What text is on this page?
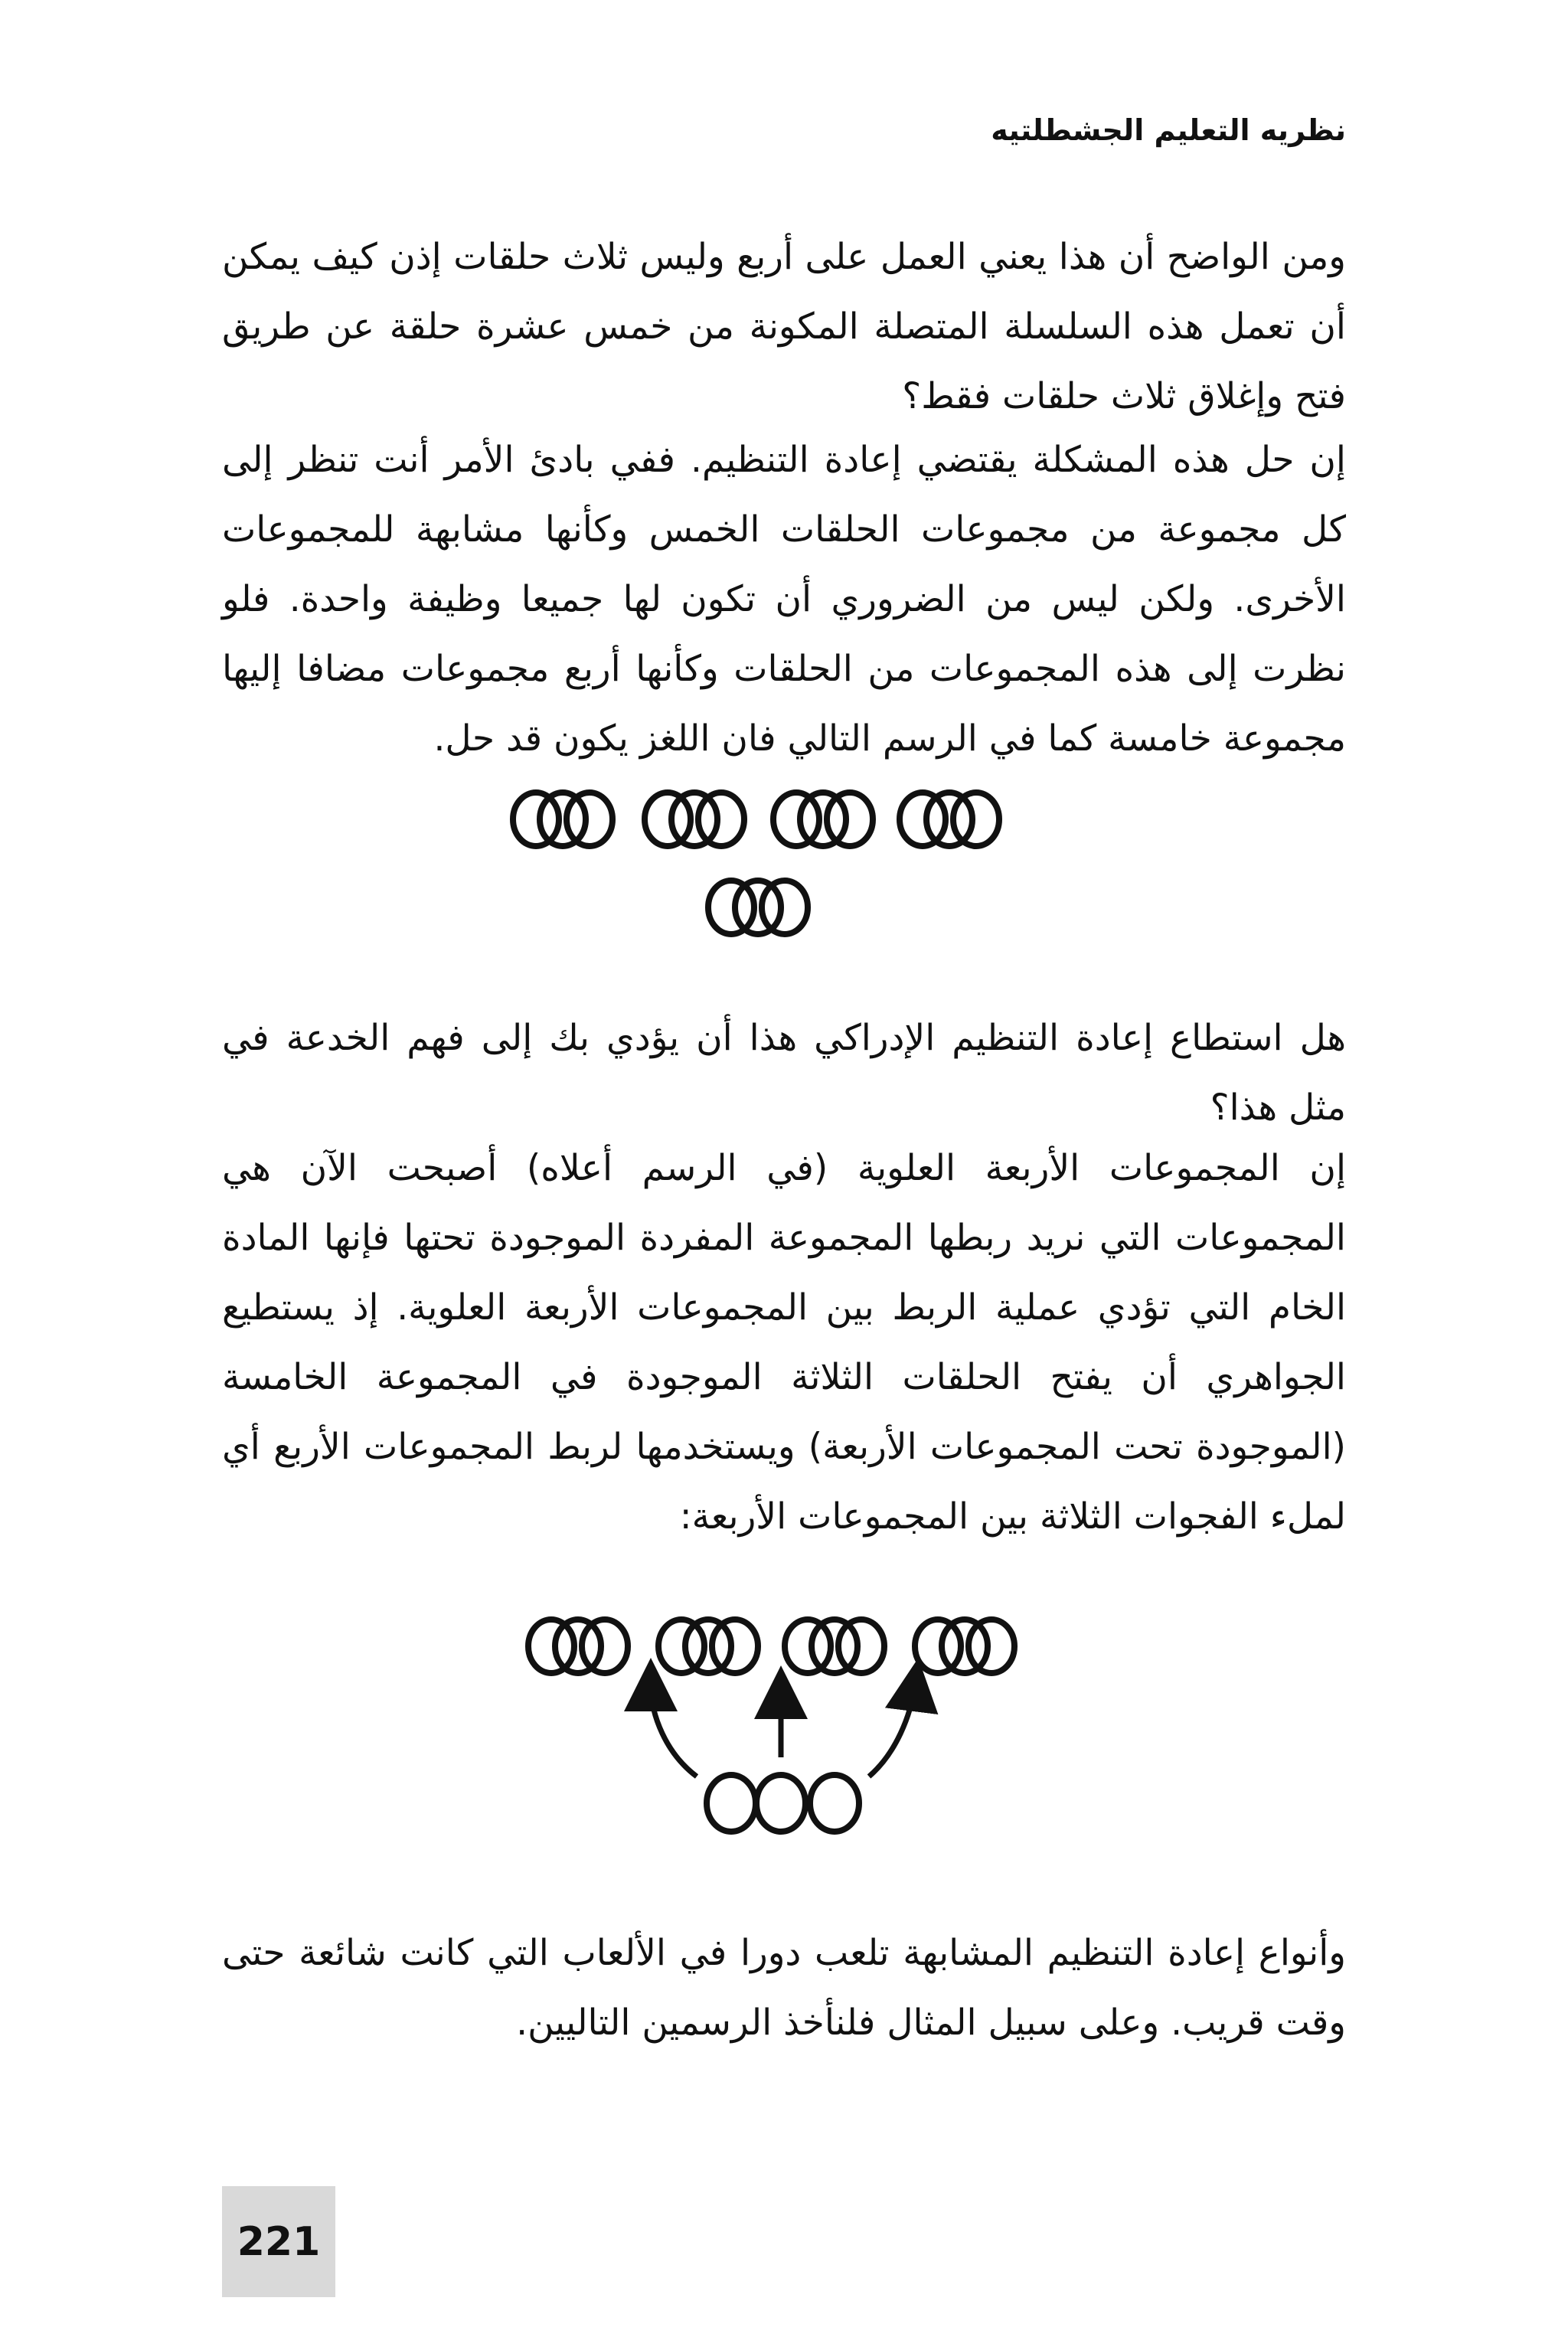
نظريه التعليم الجشطلتيه

ومن الواضح أن هذا يعني العمل على أربع وليس ثلاث حلقات إذن كيف يمكن أن تعمل هذه السلسلة المتصلة المكونة من خمس عشرة حلقة عن طريق فتح وإغلاق ثلاث حلقات فقط؟

إن حل هذه المشكلة يقتضي إعادة التنظيم. ففي بادئ الأمر أنت تنظر إلى كل مجموعة من مجموعات الحلقات الخمس وكأنها مشابهة للمجموعات الأخرى. ولكن ليس من الضروري أن تكون لها جميعا وظيفة واحدة. فلو نظرت إلى هذه المجموعات من الحلقات وكأنها أربع مجموعات مضافا إليها مجموعة خامسة كما في الرسم التالي فان اللغز يكون قد حل.

هل استطاع إعادة التنظيم الإدراكي هذا أن يؤدي بك إلى فهم الخدعة في مثل هذا؟

إن المجموعات الأربعة العلوية (في الرسم أعلاه) أصبحت الآن هي المجموعات التي نريد ربطها المجموعة المفردة الموجودة تحتها فإنها المادة الخام التي تؤدي عملية الربط بين المجموعات الأربعة العلوية. إذ يستطيع الجواهري أن يفتح الحلقات الثلاثة الموجودة في المجموعة الخامسة (الموجودة تحت المجموعات الأربعة) ويستخدمها لربط المجموعات الأربع أي لملء الفجوات الثلاثة بين المجموعات الأربعة:

وأنواع إعادة التنظيم المشابهة تلعب دورا في الألعاب التي كانت شائعة حتى وقت قريب. وعلى سبيل المثال فلنأخذ الرسمين التاليين.

221
